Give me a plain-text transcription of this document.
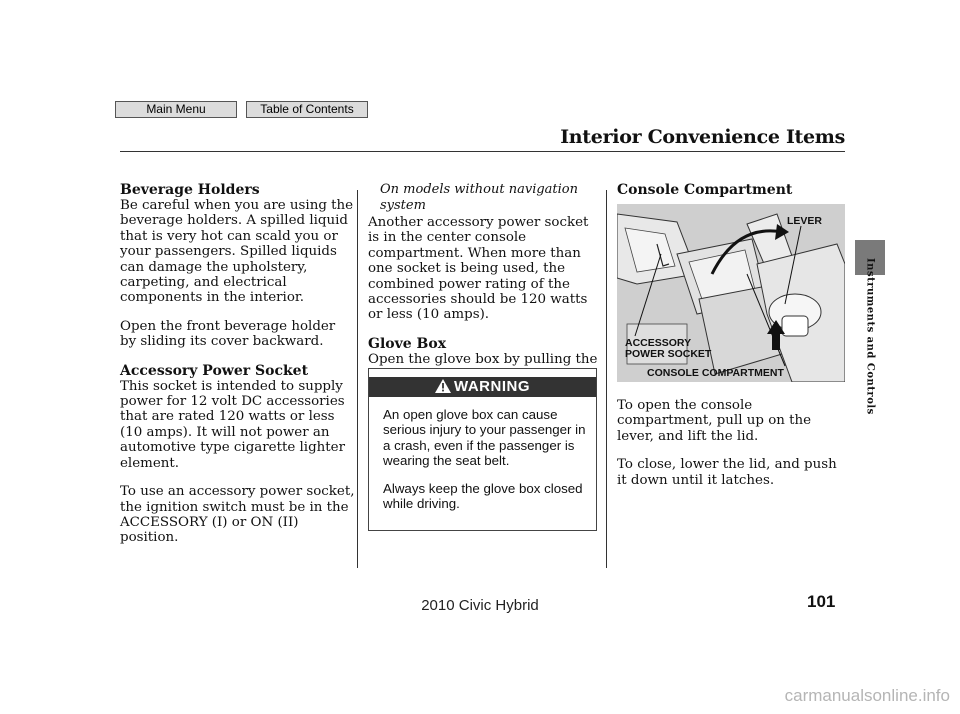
Main Menu	Table of Contents
Interior Convenience Items
Instruments and Controls
Beverage Holders

Be careful when you are using the beverage holders. A spilled liquid that is very hot can scald you or your passengers. Spilled liquids can damage the upholstery, carpeting, and electrical components in the interior.

Open the front beverage holder by sliding its cover backward.

Accessory Power Socket

This socket is intended to supply power for 12 volt DC accessories that are rated 120 watts or less (10 amps). It will not power an automotive type cigarette lighter element.

To use an accessory power socket, the ignition switch must be in the ACCESSORY (I) or ON (II) position.

On models without navigation system

Another accessory power socket is in the center console compartment. When more than one socket is being used, the combined power rating of the accessories should be 120 watts or less (10 amps).

Glove Box

Open the glove box by pulling the

WARNING

An open glove box can cause serious injury to your passenger in a crash, even if the passenger is wearing the seat belt.

Always keep the glove box closed while driving.

Console Compartment

To open the console compartment, pull up on the lever, and lift the lid.

To close, lower the lid, and push it down until it latches.

LEVER
ACCESSORY
POWER SOCKET
CONSOLE COMPARTMENT
101
2010 Civic Hybrid
carmanualsonline.info
